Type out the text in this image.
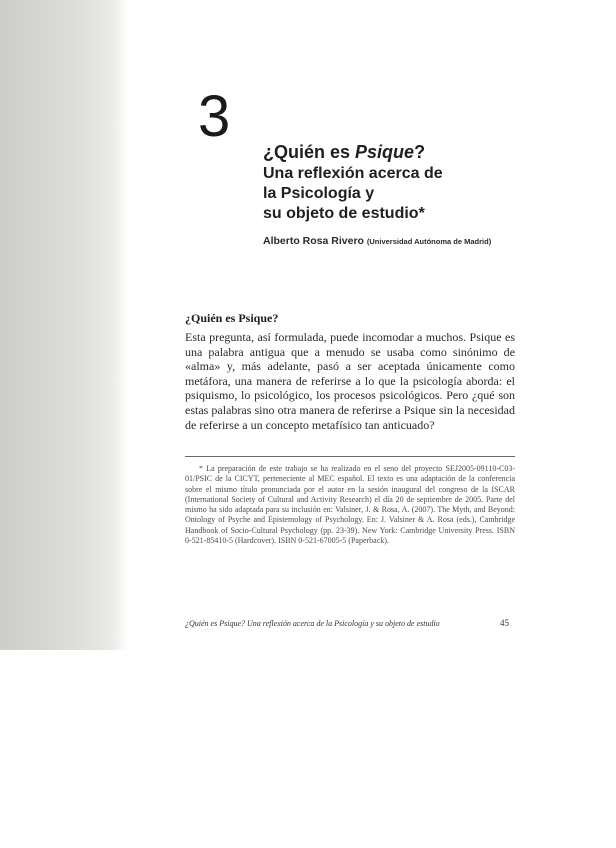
3
¿Quién es Psique?
Una reflexión acerca de
la Psicología y
su objeto de estudio*
Alberto Rosa Rivero (Universidad Autónoma de Madrid)
¿Quién es Psique?

Esta pregunta, así formulada, puede incomodar a muchos. Psique es una palabra antigua que a menudo se usaba como sinónimo de «alma» y, más adelante, pasó a ser aceptada únicamente como metáfora, una manera de referirse a lo que la psicología aborda: el psiquismo, lo psicológico, los procesos psicológicos. Pero ¿qué son estas palabras sino otra manera de referirse a Psique sin la necesidad de referirse a un concepto metafísico tan anticuado?

* La preparación de este trabajo se ha realizado en el seno del proyecto SEJ2005-09110-C03-01/PSIC de la CICYT, perteneciente al MEC español. El texto es una adaptación de la conferencia sobre el mismo título pronunciada por el autor en la sesión inaugural del congreso de la ISCAR (International Society of Cultural and Activity Research) el día 20 de septiembre de 2005. Parte del mismo ha sido adaptada para su inclusión en: Valsiner, J. & Rosa, A. (2007). The Myth, and Beyond: Ontology of Psyche and Epistemology of Psychology. En: J. Valsiner & A. Rosa (eds.), Cambridge Handbook of Socio-Cultural Psychology (pp. 23-39). New York: Cambridge University Press. ISBN 0-521-85410-5 (Hardcover). ISBN 0-521-67005-5 (Paperback).

¿Quién es Psique? Una reflexión acerca de la Psicología y su objeto de estudio	45
